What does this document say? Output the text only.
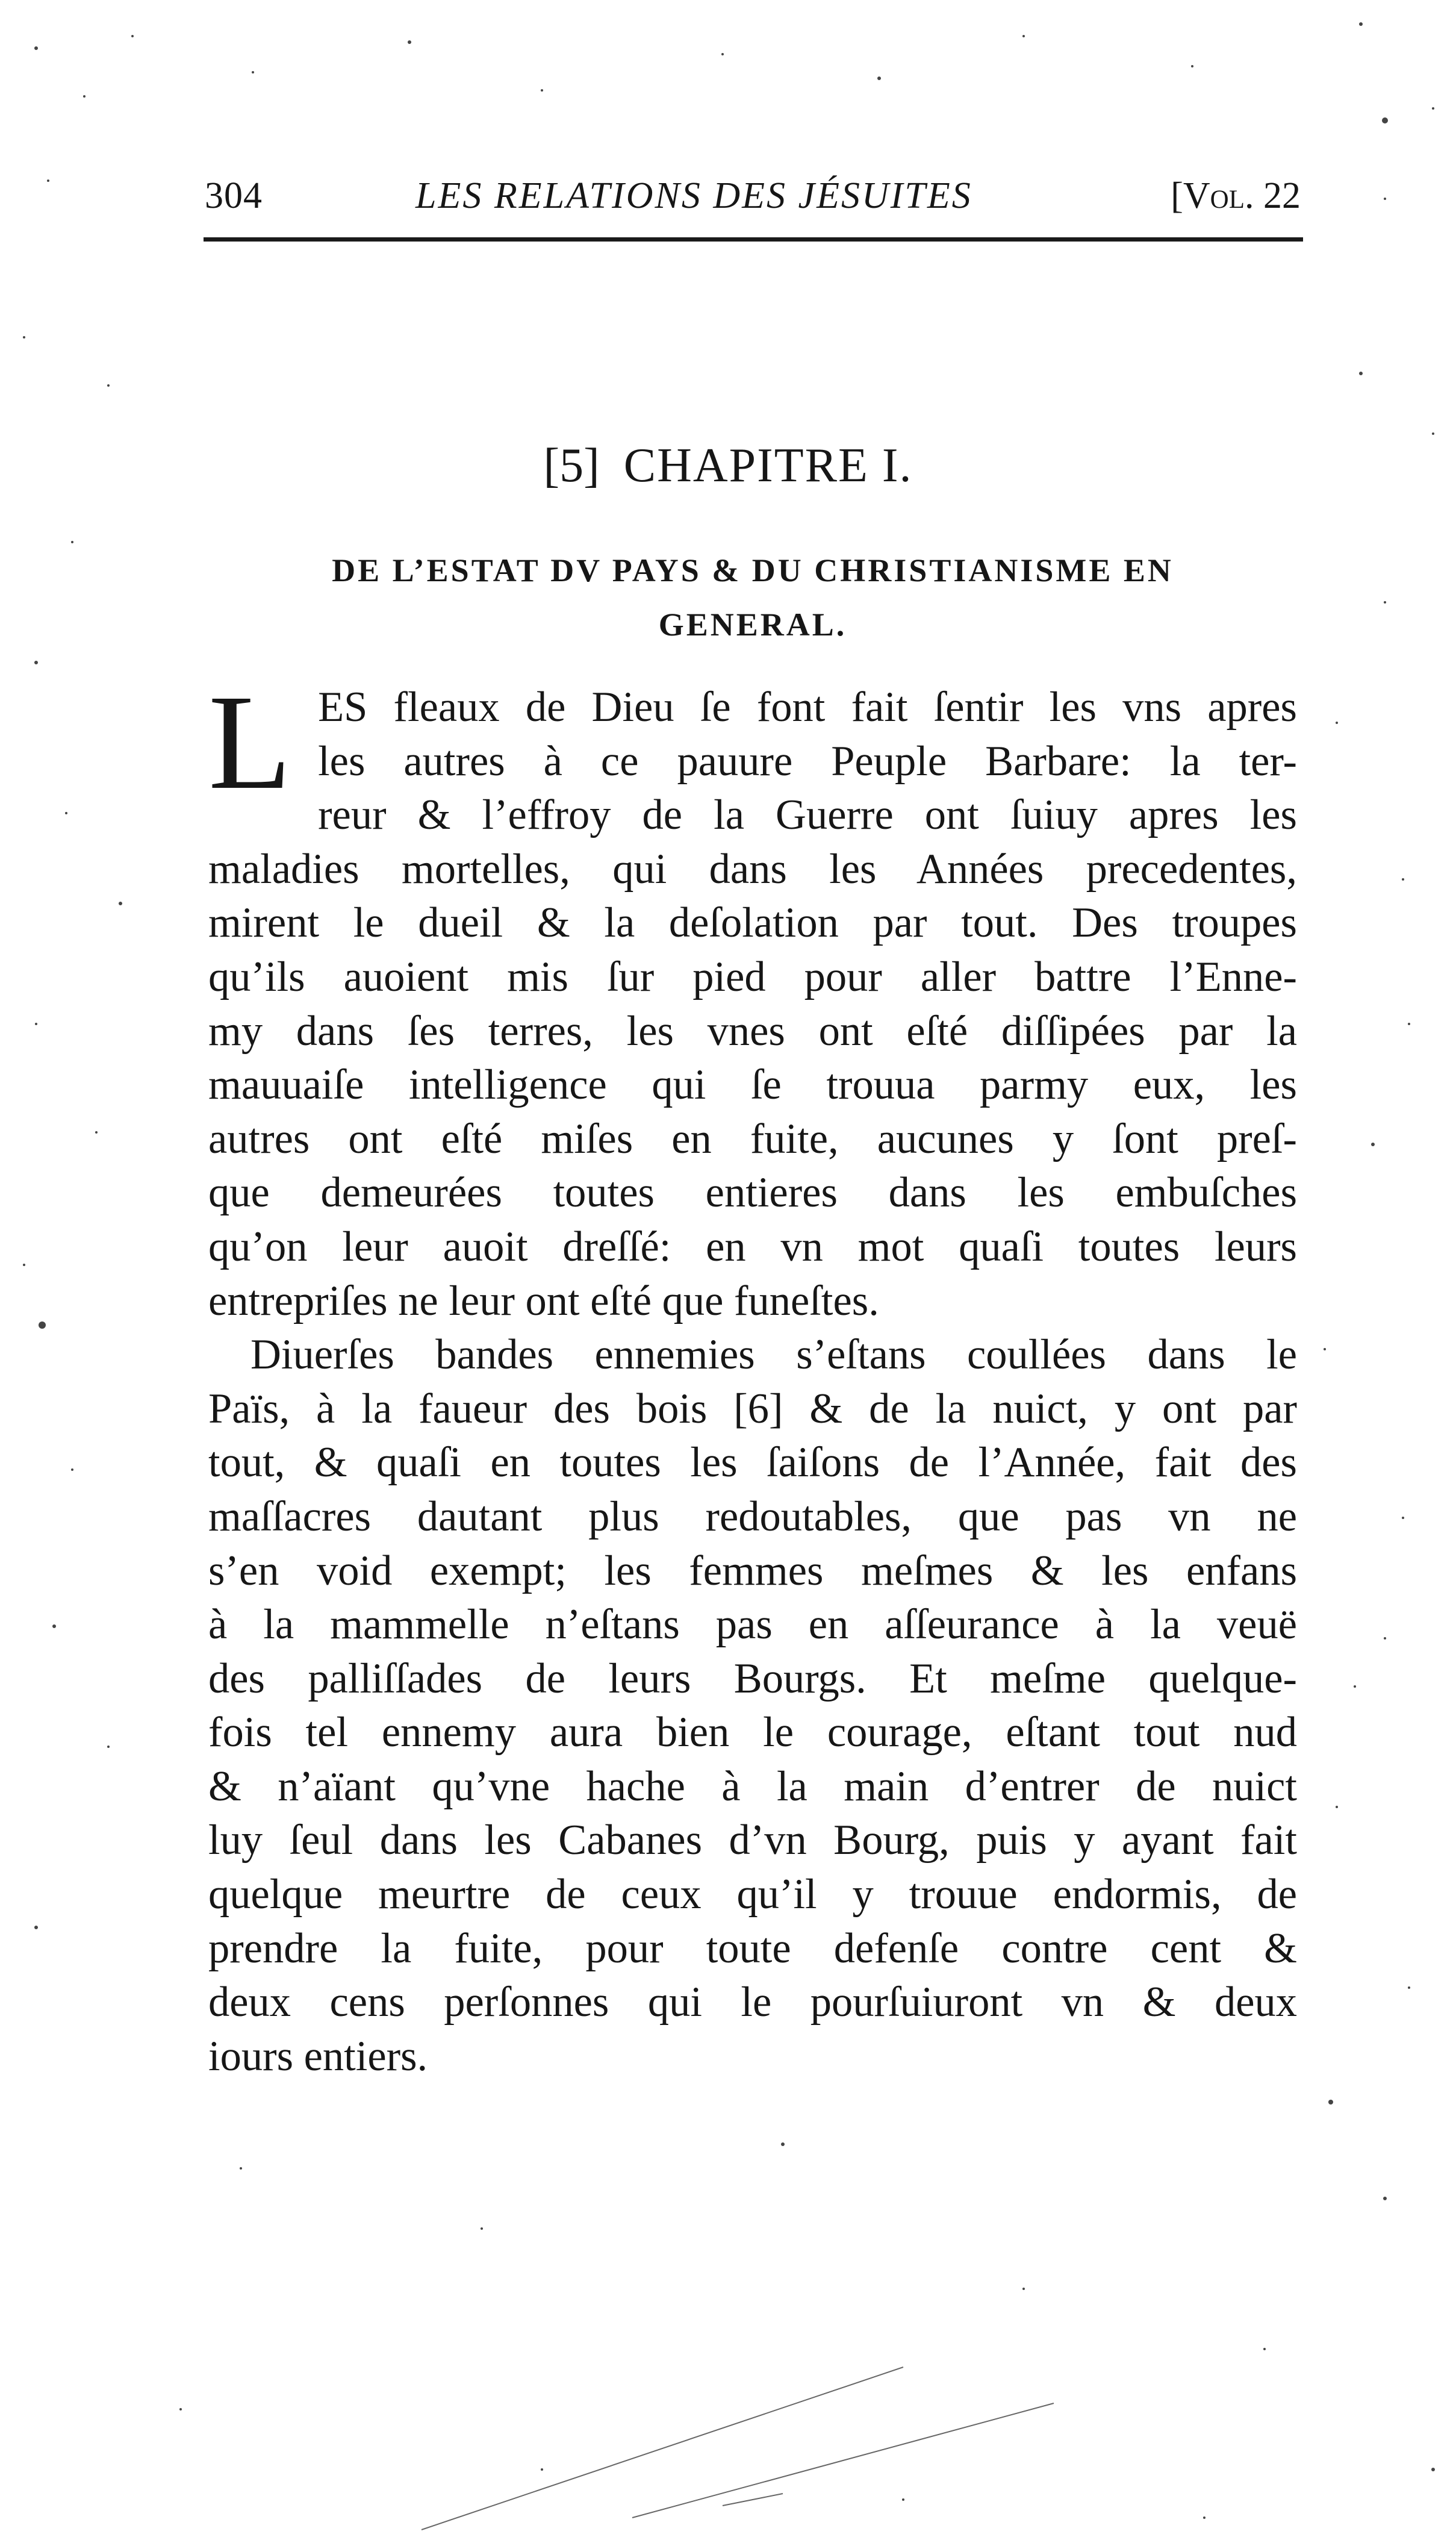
304	LES RELATIONS DES JÉSUITES	[Vol. 22
[5] CHAPITRE I.
DE L’ESTAT DV PAYS & DU CHRISTIANISME EN
GENERAL.

L ES fleaux de Dieu ſe font fait ſentir les vns apres
les autres à ce pauure Peuple Barbare: la ter-
reur & l’effroy de la Guerre ont ſuiuy apres les
maladies mortelles, qui dans les Années precedentes,
mirent le dueil & la deſolation par tout. Des troupes
qu’ils auoient mis ſur pied pour aller battre l’Enne-
my dans ſes terres, les vnes ont eſté diſſipées par la
mauuaiſe intelligence qui ſe trouua parmy eux, les
autres ont eſté miſes en fuite, aucunes y ſont preſ-
que demeurées toutes entieres dans les embuſches
qu’on leur auoit dreſſé: en vn mot quaſi toutes leurs
entrepriſes ne leur ont eſté que funeſtes.

Diuerſes bandes ennemies s’eſtans coullées dans le
Païs, à la faueur des bois [6] & de la nuict, y ont par
tout, & quaſi en toutes les ſaiſons de l’Année, fait des
maſſacres dautant plus redoutables, que pas vn ne
s’en void exempt; les femmes meſmes & les enfans
à la mammelle n’eſtans pas en aſſeurance à la veuë
des palliſſades de leurs Bourgs. Et meſme quelque-
fois tel ennemy aura bien le courage, eſtant tout nud
& n’aïant qu’vne hache à la main d’entrer de nuict
luy ſeul dans les Cabanes d’vn Bourg, puis y ayant fait
quelque meurtre de ceux qu’il y trouue endormis, de
prendre la fuite, pour toute defenſe contre cent &
deux cens perſonnes qui le pourſuiuront vn & deux
iours entiers.
